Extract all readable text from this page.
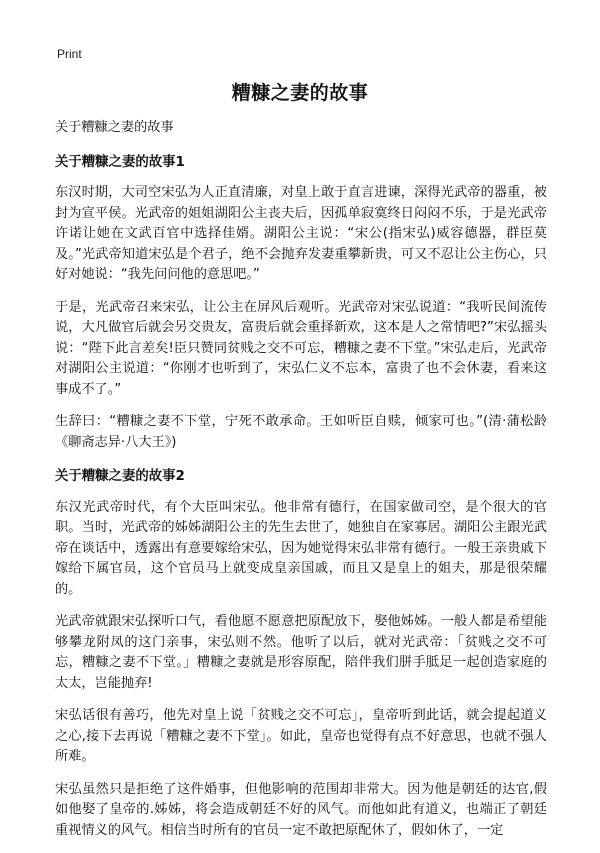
Print
糟糠之妻的故事

关于糟糠之妻的故事

关于糟糠之妻的故事1

东汉时期，大司空宋弘为人正直清廉，对皇上敢于直言进谏，深得光武帝的器重，被封为宣平侯。光武帝的姐姐湖阳公主丧夫后，因孤单寂寞终日闷闷不乐，于是光武帝许诺让她在文武百官中选择佳婿。湖阳公主说：“宋公(指宋弘)威容德器，群臣莫及。”光武帝知道宋弘是个君子，绝不会抛弃发妻重攀新贵，可又不忍让公主伤心，只好对她说：“我先问问他的意思吧。”

于是，光武帝召来宋弘，让公主在屏风后观听。光武帝对宋弘说道：“我听民间流传说，大凡做官后就会另交贵友，富贵后就会重择新欢，这本是人之常情吧?”宋弘摇头说：“陛下此言差矣!臣只赞同贫贱之交不可忘，糟糠之妻不下堂。”宋弘走后，光武帝对湖阳公主说道：“你刚才也听到了，宋弘仁义不忘本，富贵了也不会休妻，看来这事成不了。”

生辞曰：“糟糠之妻不下堂，宁死不敢承命。王如听臣自赎，倾家可也。”(清·蒲松龄《聊斋志异·八大王》)

关于糟糠之妻的故事2

东汉光武帝时代，有个大臣叫宋弘。他非常有德行，在国家做司空，是个很大的官职。当时，光武帝的姊姊湖阳公主的先生去世了，她独自在家寡居。湖阳公主跟光武帝在谈话中，透露出有意要嫁给宋弘，因为她觉得宋弘非常有德行。一般王亲贵戚下嫁给下属官员，这个官员马上就变成皇亲国戚，而且又是皇上的姐夫，那是很荣耀的。

光武帝就跟宋弘探听口气，看他愿不愿意把原配放下，娶他姊姊。一般人都是希望能够攀龙附凤的这门亲事，宋弘则不然。他听了以后，就对光武帝：「贫贱之交不可忘，糟糠之妻不下堂。」糟糠之妻就是形容原配，陪伴我们胼手胝足一起创造家庭的太太，岂能抛弃!

宋弘话很有善巧，他先对皇上说「贫贱之交不可忘」，皇帝听到此话，就会提起道义之心,接下去再说「糟糠之妻不下堂」。如此，皇帝也觉得有点不好意思，也就不强人所难。

宋弘虽然只是拒绝了这件婚事，但他影响的范围却非常大。因为他是朝廷的达官,假如他娶了皇帝的.姊姊，将会造成朝廷不好的风气。而他如此有道义，也端正了朝廷重视情义的风气。相信当时所有的官员一定不敢把原配休了，假如休了，一定
